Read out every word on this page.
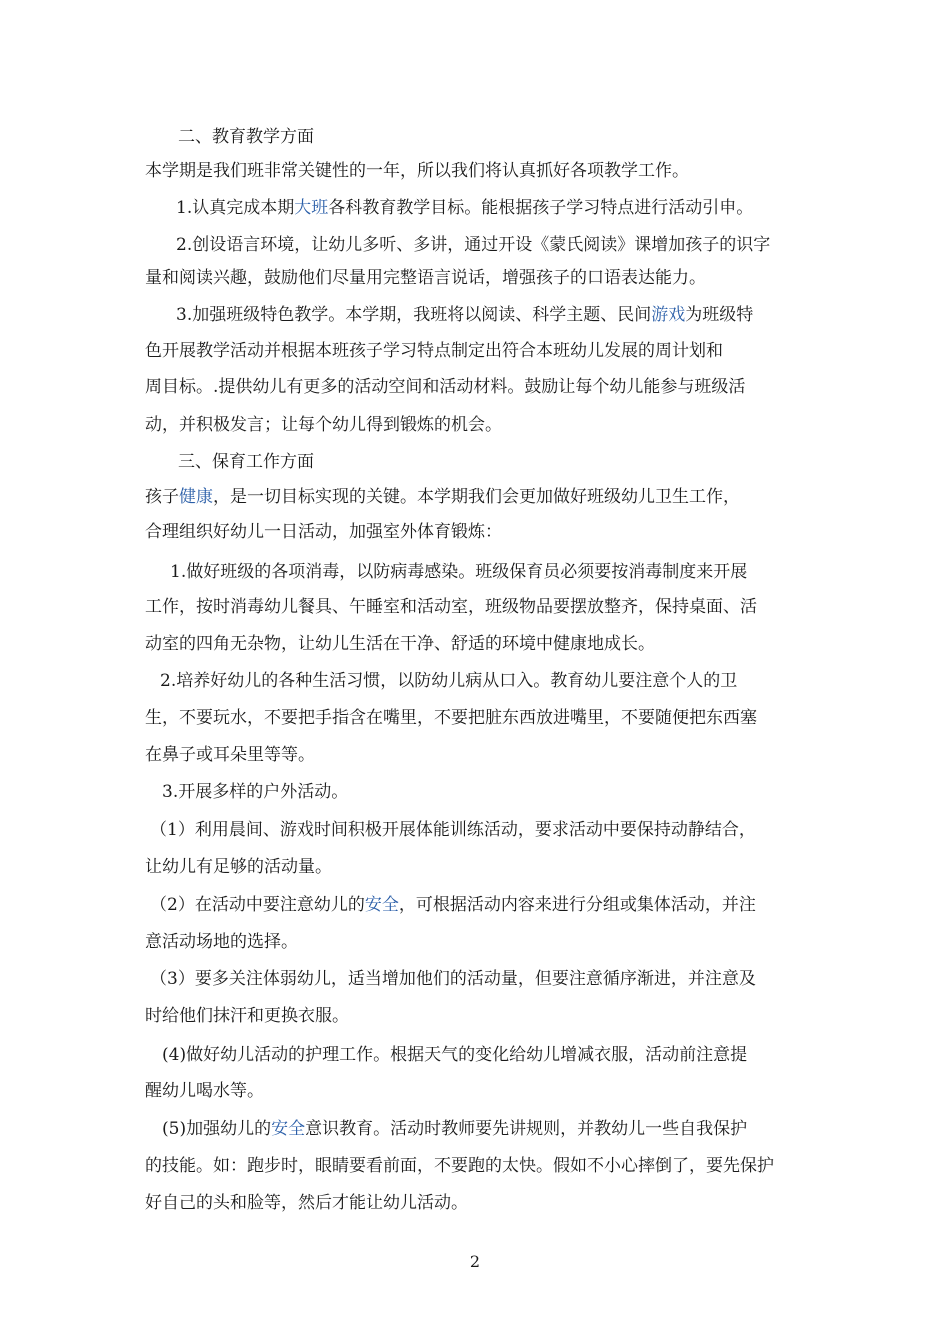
二、教育教学方面
本学期是我们班非常关键性的一年，所以我们将认真抓好各项教学工作。
1.认真完成本期大班各科教育教学目标。能根据孩子学习特点进行活动引申。
2.创设语言环境，让幼儿多听、多讲，通过开设《蒙氏阅读》课增加孩子的识字
量和阅读兴趣，鼓励他们尽量用完整语言说话，增强孩子的口语表达能力。
3.加强班级特色教学。本学期，我班将以阅读、科学主题、民间游戏为班级特
色开展教学活动并根据本班孩子学习特点制定出符合本班幼儿发展的周计划和
周目标。.提供幼儿有更多的活动空间和活动材料。鼓励让每个幼儿能参与班级活
动，并积极发言；让每个幼儿得到锻炼的机会。
三、保育工作方面
孩子健康，是一切目标实现的关键。本学期我们会更加做好班级幼儿卫生工作，
合理组织好幼儿一日活动，加强室外体育锻炼：
1.做好班级的各项消毒，以防病毒感染。班级保育员必须要按消毒制度来开展
工作，按时消毒幼儿餐具、午睡室和活动室，班级物品要摆放整齐，保持桌面、活
动室的四角无杂物，让幼儿生活在干净、舒适的环境中健康地成长。
2.培养好幼儿的各种生活习惯，以防幼儿病从口入。教育幼儿要注意个人的卫
生，不要玩水，不要把手指含在嘴里，不要把脏东西放进嘴里，不要随便把东西塞
在鼻子或耳朵里等等。
3.开展多样的户外活动。
（1）利用晨间、游戏时间积极开展体能训练活动，要求活动中要保持动静结合，
让幼儿有足够的活动量。
（2）在活动中要注意幼儿的安全，可根据活动内容来进行分组或集体活动，并注
意活动场地的选择。
（3）要多关注体弱幼儿，适当增加他们的活动量，但要注意循序渐进，并注意及
时给他们抹汗和更换衣服。
(4)做好幼儿活动的护理工作。根据天气的变化给幼儿增减衣服，活动前注意提
醒幼儿喝水等。
(5)加强幼儿的安全意识教育。活动时教师要先讲规则，并教幼儿一些自我保护
的技能。如：跑步时，眼睛要看前面，不要跑的太快。假如不小心摔倒了，要先保护
好自己的头和脸等，然后才能让幼儿活动。
2
